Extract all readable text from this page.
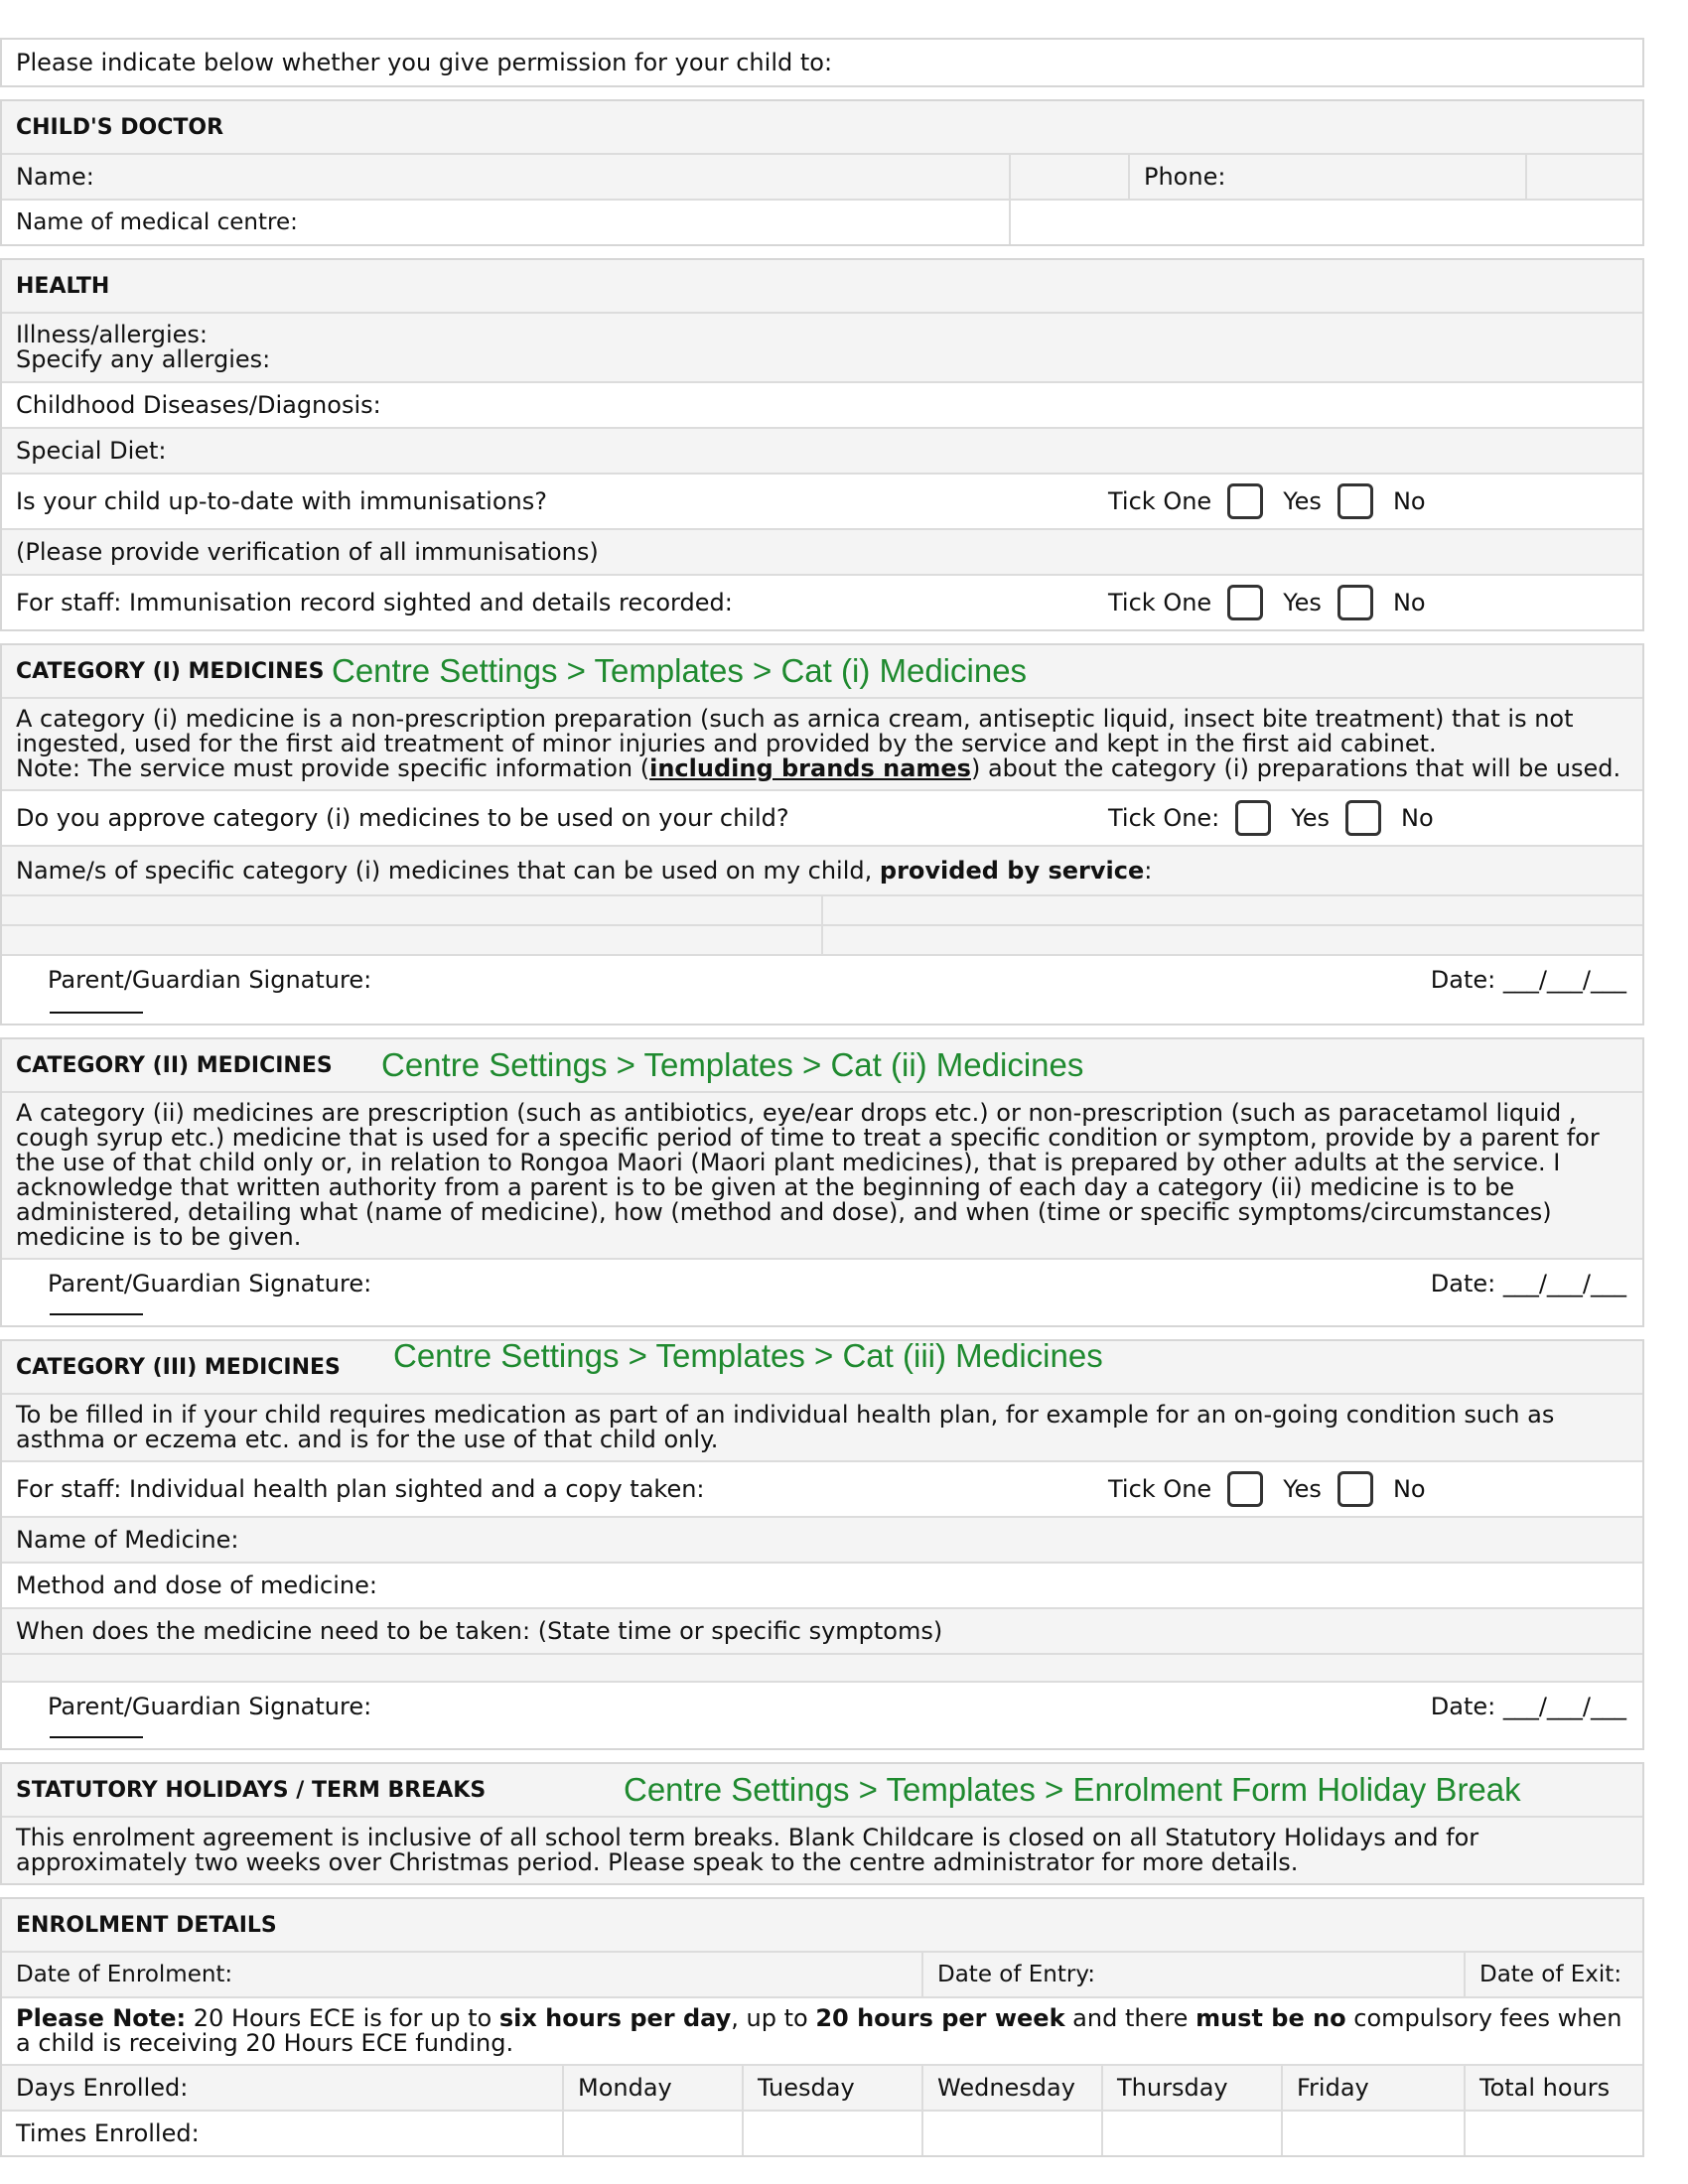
Please indicate below whether you give permission for your child to:
CHILD'S DOCTOR
Name:	Phone:
Name of medical centre:
HEALTH
Illness/allergies:
Specify any allergies:
Childhood Diseases/Diagnosis:
Special Diet:
Is your child up-to-date with immunisations?	Tick One	Yes	No
(Please provide verification of all immunisations)
For staff: Immunisation record sighted and details recorded:	Tick One	Yes	No
CATEGORY (I) MEDICINES Centre Settings > Templates > Cat (i) Medicines
A category (i) medicine is a non-prescription preparation (such as arnica cream, antiseptic liquid, insect bite treatment) that is not ingested, used for the first aid treatment of minor injuries and provided by the service and kept in the first aid cabinet.
Note: The service must provide specific information (including brands names) about the category (i) preparations that will be used.
Do you approve category (i) medicines to be used on your child?	Tick One:	Yes	No
Name/s of specific category (i) medicines that can be used on my child,
provided by service :
Parent/Guardian Signature:	Date: ___/___/___
CATEGORY (II) MEDICINES Centre Settings > Templates > Cat (ii) Medicines
A category (ii) medicines are prescription (such as antibiotics, eye/ear drops etc.) or non-prescription (such as paracetamol liquid , cough syrup etc.) medicine that is used for a specific period of time to treat a specific condition or symptom, provide by a parent for the use of that child only or, in relation to Rongoa Maori (Maori plant medicines), that is prepared by other adults at the service. I acknowledge that written authority from a parent is to be given at the beginning of each day a category (ii) medicine is to be administered, detailing what (name of medicine), how (method and dose), and when (time or specific symptoms/circumstances) medicine is to be given.
Parent/Guardian Signature:	Date: ___/___/___
CATEGORY (III) MEDICINES Centre Settings > Templates > Cat (iii) Medicines
To be filled in if your child requires medication as part of an individual health plan, for example for an on-going condition such as asthma or eczema etc. and is for the use of that child only.
For staff: Individual health plan sighted and a copy taken:	Tick One	Yes	No
Name of Medicine:
Method and dose of medicine:
When does the medicine need to be taken: (State time or specific symptoms)
Parent/Guardian Signature:	Date: ___/___/___
STATUTORY HOLIDAYS / TERM BREAKS	Centre Settings > Templates > Enrolment Form Holiday Break
This enrolment agreement is inclusive of all school term breaks. Blank Childcare is closed on all Statutory Holidays and for approximately two weeks over Christmas period. Please speak to the centre administrator for more details.
ENROLMENT DETAILS
Date of Enrolment:	Date of Entry:	Date of Exit:
Please Note: 20 Hours ECE is for up to six hours per day, up to 20 hours per week and there must be no compulsory fees when a child is receiving 20 Hours ECE funding.
Days Enrolled:	Monday	Tuesday	Wednesday	Thursday	Friday	Total hours
Times Enrolled:
